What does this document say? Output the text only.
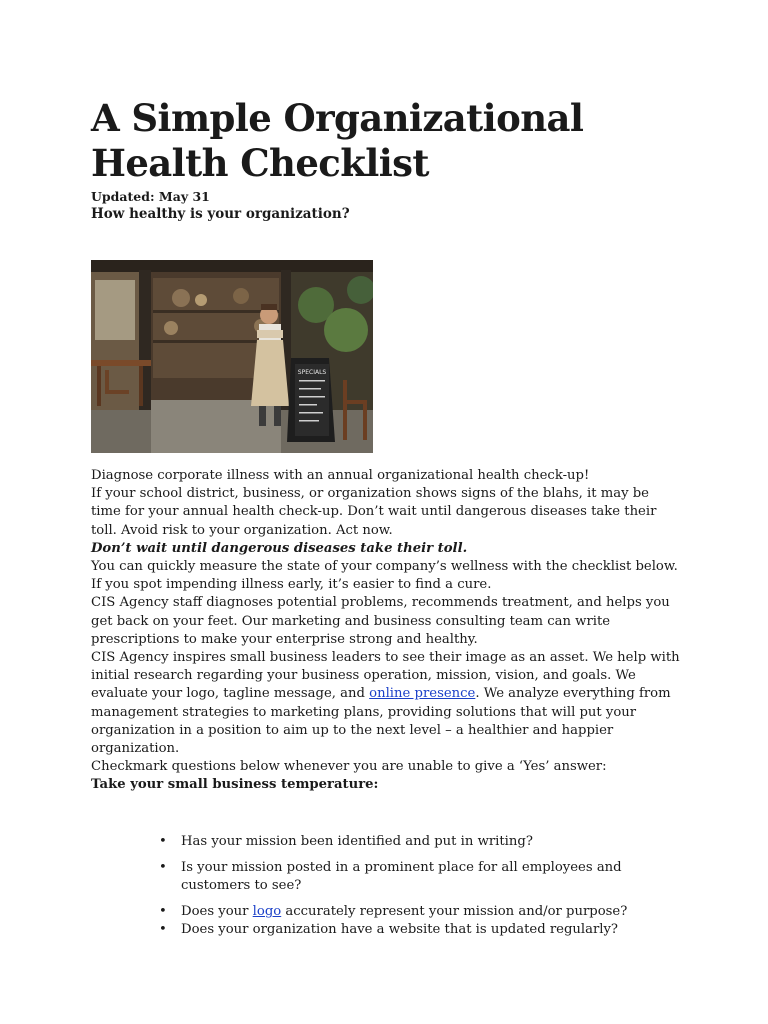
A Simple Organizational Health Checklist
Updated: May 31
How healthy is your organization?
SPECIALS

Diagnose corporate illness with an annual organizational health check-up!

If your school district, business, or organization shows signs of the blahs, it may be time for your annual health check-up. Don’t wait until dangerous diseases take their toll. Avoid risk to your organization. Act now.

Don’t wait until dangerous diseases take their toll.

You can quickly measure the state of your company’s wellness with the checklist below. If you spot impending illness early, it’s easier to find a cure.

CIS Agency staff diagnoses potential problems, recommends treatment, and helps you get back on your feet. Our marketing and business consulting team can write prescriptions to make your enterprise strong and healthy.

CIS Agency inspires small business leaders to see their image as an asset. We help with initial research regarding your business operation, mission, vision, and goals. We evaluate your logo, tagline message, and online presence. We analyze everything from management strategies to marketing plans, providing solutions that will put your organization in a position to aim up to the next level – a healthier and happier organization.

Checkmark questions below whenever you are unable to give a ‘Yes’ answer:

Take your small business temperature:

• Has your mission been identified and put in writing?
• Is your mission posted in a prominent place for all employees and customers to see?
• Does your logo accurately represent your mission and/or purpose?
• Does your organization have a website that is updated regularly?
